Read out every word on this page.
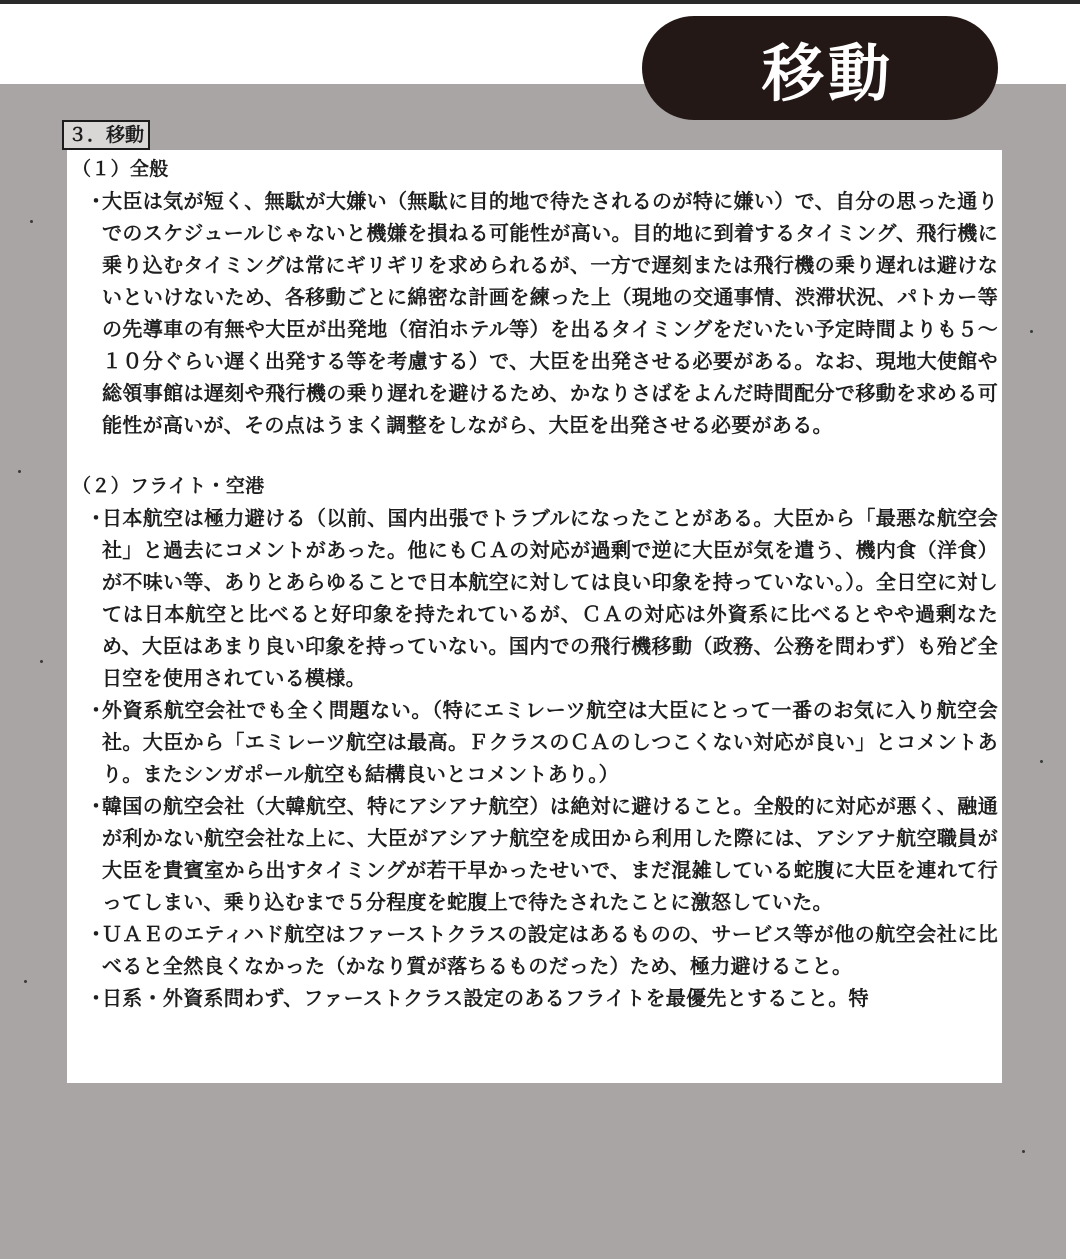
移動
３．移動
（１）全般
・
大臣は気が短く、無駄が大嫌い（無駄に目的地で待たされるのが特に嫌い）で、自分の思った通りでのスケジュールじゃないと機嫌を損ねる可能性が高い。目的地に到着するタイミング、飛行機に乗り込むタイミングは常にギリギリを求められるが、一方で遅刻または飛行機の乗り遅れは避けないといけないため、各移動ごとに綿密な計画を練った上（現地の交通事情、渋滞状況、パトカー等の先導車の有無や大臣が出発地（宿泊ホテル等）を出るタイミングをだいたい予定時間よりも５～１０分ぐらい遅く出発する等を考慮する）で、大臣を出発させる必要がある。なお、現地大使館や総領事館は遅刻や飛行機の乗り遅れを避けるため、かなりさばをよんだ時間配分で移動を求める可能性が高いが、その点はうまく調整をしながら、大臣を出発させる必要がある。
（２）フライト・空港
・
日本航空は極力避ける（以前、国内出張でトラブルになったことがある。大臣から「最悪な航空会社」と過去にコメントがあった。他にもＣＡの対応が過剰で逆に大臣が気を遣う、機内食（洋食）が不味い等、ありとあらゆることで日本航空に対しては良い印象を持っていない。）。全日空に対しては日本航空と比べると好印象を持たれているが、ＣＡの対応は外資系に比べるとやや過剰なため、大臣はあまり良い印象を持っていない。国内での飛行機移動（政務、公務を問わず）も殆ど全日空を使用されている模様。
・
外資系航空会社でも全く問題ない。（特にエミレーツ航空は大臣にとって一番のお気に入り航空会社。大臣から「エミレーツ航空は最高。ＦクラスのＣＡのしつこくない対応が良い」とコメントあり。またシンガポール航空も結構良いとコメントあり。）
・
韓国の航空会社（大韓航空、特にアシアナ航空）は絶対に避けること。全般的に対応が悪く、融通が利かない航空会社な上に、大臣がアシアナ航空を成田から利用した際には、アシアナ航空職員が大臣を貴賓室から出すタイミングが若干早かったせいで、まだ混雑している蛇腹に大臣を連れて行ってしまい、乗り込むまで５分程度を蛇腹上で待たされたことに激怒していた。
・
ＵＡＥのエティハド航空はファーストクラスの設定はあるものの、サービス等が他の航空会社に比べると全然良くなかった（かなり質が落ちるものだった）ため、極力避けること。
・
日系・外資系問わず、ファーストクラス設定のあるフライトを最優先とすること。特
